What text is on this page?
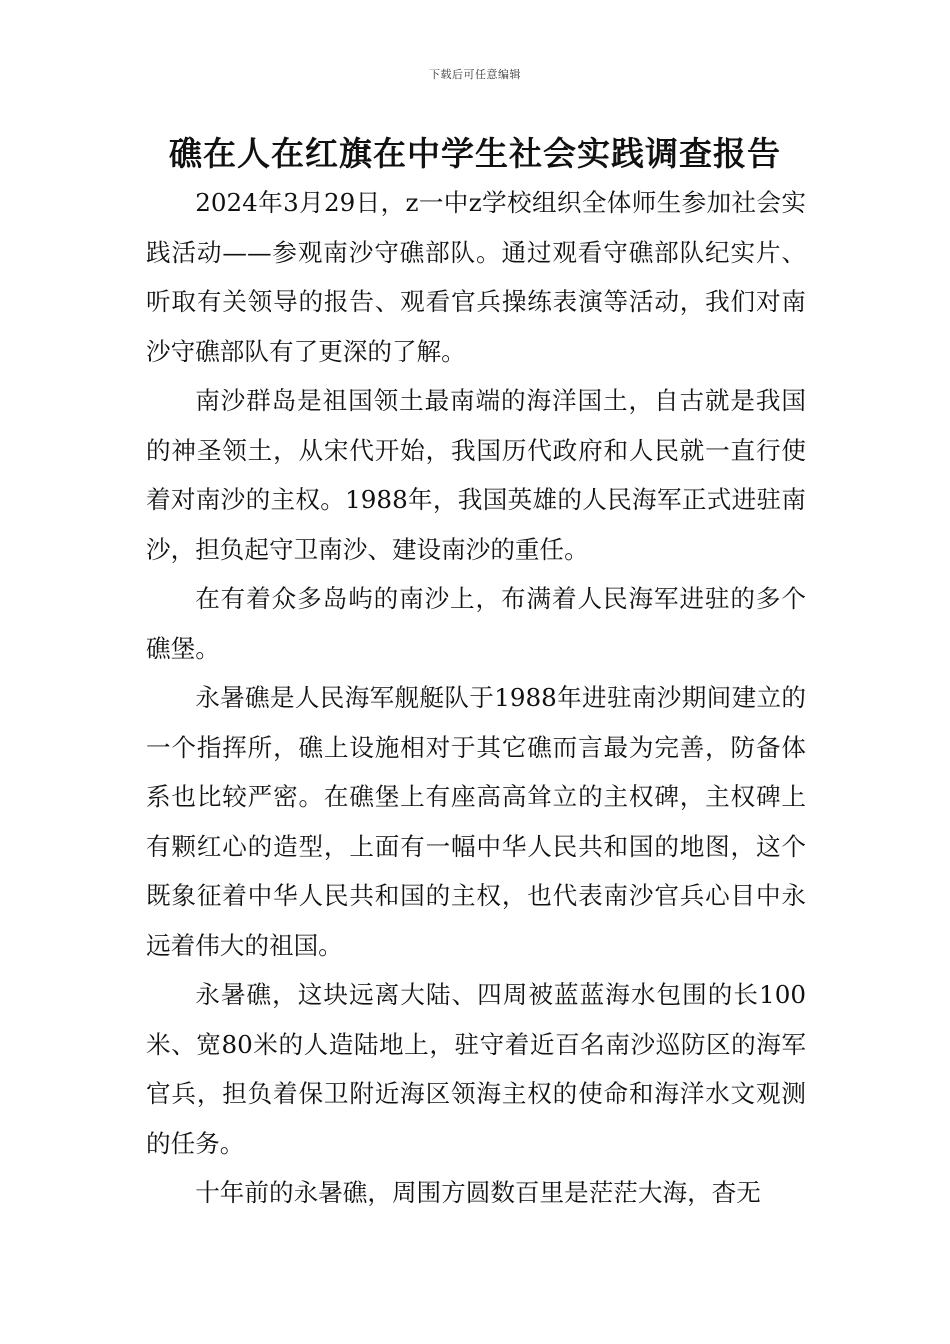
下载后可任意编辑
礁在人在红旗在中学生社会实践调查报告

2024年3月29日，z一中z学校组织全体师生参加社会实践活动——参观南沙守礁部队。通过观看守礁部队纪实片、听取有关领导的报告、观看官兵操练表演等活动，我们对南沙守礁部队有了更深的了解。

南沙群岛是祖国领土最南端的海洋国土，自古就是我国的神圣领土，从宋代开始，我国历代政府和人民就一直行使着对南沙的主权。1988年，我国英雄的人民海军正式进驻南沙，担负起守卫南沙、建设南沙的重任。

在有着众多岛屿的南沙上，布满着人民海军进驻的多个礁堡。

永暑礁是人民海军舰艇队于1988年进驻南沙期间建立的一个指挥所，礁上设施相对于其它礁而言最为完善，防备体系也比较严密。在礁堡上有座高高耸立的主权碑，主权碑上有颗红心的造型，上面有一幅中华人民共和国的地图，这个既象征着中华人民共和国的主权，也代表南沙官兵心目中永远着伟大的祖国。

永暑礁，这块远离大陆、四周被蓝蓝海水包围的长100米、宽80米的人造陆地上，驻守着近百名南沙巡防区的海军官兵，担负着保卫附近海区领海主权的使命和海洋水文观测的任务。

十年前的永暑礁，周围方圆数百里是茫茫大海，杳无
